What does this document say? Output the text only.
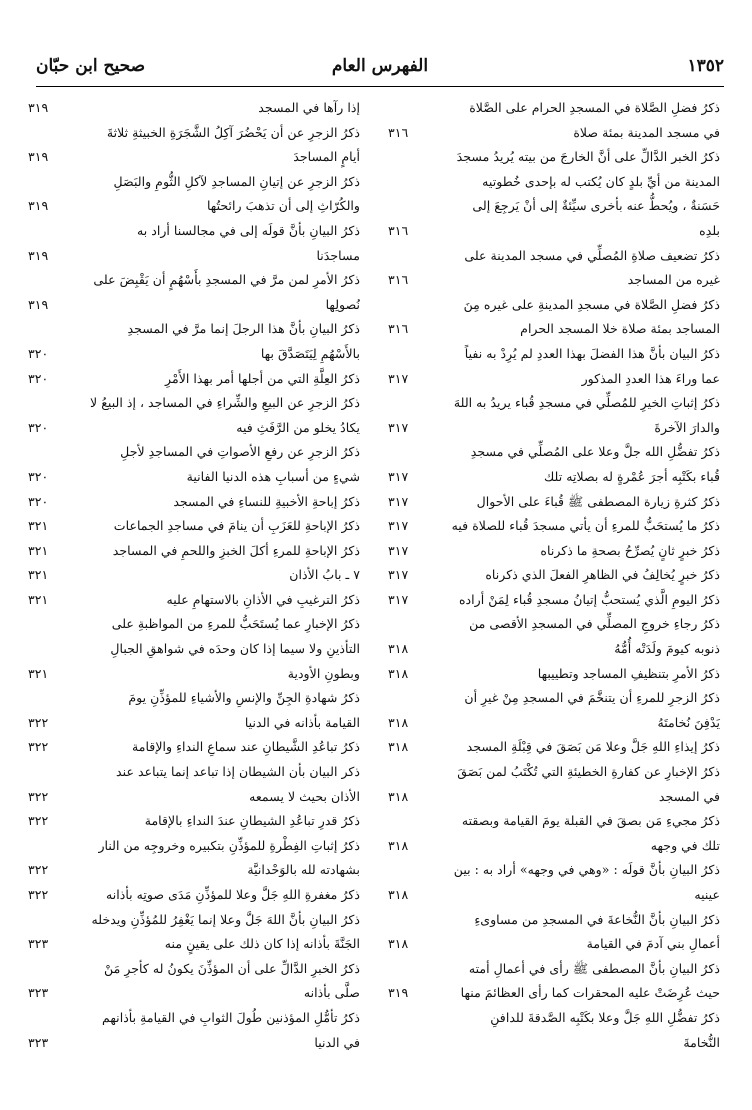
١٣٥٢
الفهرس العام
صحيح ابن حبّان
ذكرُ فضلِ الصَّلاة في المسجدِ الحرام على الصَّلاة في مسجد المدينة بمئة صلاة
٣١٦
ذكرُ الخبر الدَّالِّ على أنَّ الخارجَ من بيته يُريدُ مسجدَ المدينة من أيِّ بلدٍ كان يُكتب له بإحدى خُطوتيه حَسَنةٌ ، ويُحطُّ عنه بأخرى سيِّئةٌ إلى أنْ يَرجِعَ إلى بلدِه
٣١٦
ذكرُ تضعيف صلاةِ المُصلِّي في مسجد المدينة على غيره من المساجد
٣١٦
ذكرُ فضلِ الصَّلاة في مسجدِ المدينةِ على غيره مِنَ المساجد بمئة صلاة خلا المسجد الحرام
٣١٦
ذكرُ البيان بأنَّ هذا الفضلَ بهذا العددِ لم يُرِدْ به نفياً عما وراءَ هذا العددِ المذكور
٣١٧
ذكرُ إثباتِ الخيرِ للمُصلِّي في مسجدِ قُباء يريدُ به اللهَ والدارَ الآخرةَ
٣١٧
ذكرُ تفضُّلِ الله جلَّ وعلا على المُصلِّي في مسجدِ قُباء بكَتْبِه أجرَ عُمْرةٍ له بصلاتِه تلك
٣١٧
ذكرُ كثرةِ زيارة المصطفى ﷺ قُباءَ على الأحوال
٣١٧
ذكرُ ما يُستحَبُّ للمرءِ أن يأتي مسجدَ قُباء للصلاة فيه
٣١٧
ذكرُ خبرٍ ثانٍ يُصرِّحُ بصحةِ ما ذكرناه
٣١٧
ذكرُ خبرٍ يُخالِفُ في الظاهرِ الفعلَ الذي ذكرناه
٣١٧
ذكرُ اليومِ الَّذي يُستحبُّ إتيانُ مسجدِ قُباء لِمَنْ أراده
٣١٧
ذكرُ رجاءِ خروجِ المصلِّي في المسجدِ الأقصى من ذنوبه كيومَ ولَدَتْه أُمُّهُ
٣١٨
ذكرُ الأمرِ بتنظيفِ المساجد وتطييبها
٣١٨
ذكرُ الزجرِ للمرءِ أن يتنخَّمَ في المسجدِ مِنْ غيرِ أن يَدْفِنَ نُخامتَهُ
٣١٨
ذكرُ إيذاءِ اللهِ جَلَّ وعلا مَن بَصَقَ في قِبْلَةِ المسجد
٣١٨
ذكرُ الإخبارِ عن كفارةِ الخطيئةِ التي تُكْتَبُ لمن بَصَقَ في المسجد
٣١٨
ذكرُ مجيءِ مَن بصقَ في القبلة يومَ القيامة وبصقته تلك في وجهه
٣١٨
ذكرُ البيانِ بأنَّ قولَه : «وهي في وجهه» أراد به : بين عينيه
٣١٨
ذكرُ البيانِ بأنَّ النُّخاعةَ في المسجدِ من مساوىءِ أعمالِ بني آدمَ في القيامة
٣١٨
ذكرُ البيانِ بأنَّ المصطفى ﷺ رأى في أعمالِ أمته حيث عُرِضَتْ عليه المحقرات كما رأى العظائمَ منها
٣١٩
ذكرُ تفضُّلِ اللهِ جَلَّ وعلا بكَتْبِه الصَّدقةَ للدافنِ النُّخامةَ
إذا رآها في المسجد
٣١٩
ذكرُ الزجرِ عن أن يَحْضُرَ آكِلُ الشَّجَرَةِ الخبيثةِ ثلاثةَ أيامٍ المساجدَ
٣١٩
ذكرُ الزجرِ عن إتيانِ المساجدِ لآكلِ الثُّومِ والبَصَلِ والكُرّاثِ إلى أن تذهبَ رائحتُها
٣١٩
ذكرُ البيانِ بأنَّ قولَه إلى في مجالسنا أراد به مساجدَنا
٣١٩
ذكرُ الأمرِ لمن مرَّ في المسجدِ بأَسْهُمٍ أن يَقْبِضَ على نُصولِها
٣١٩
ذكرُ البيانِ بأنَّ هذا الرجلَ إنما مرَّ في المسجدِ بالأَسْهُمِ لِيَتَصَدَّقَ بها
٣٢٠
ذكرُ العِلَّةِ التي من أجلها أمر بهذا الأَمْرِ
٣٢٠
ذكرُ الزجرِ عن البيعِ والشِّراءِ في المساجد ، إذ البيعُ لا يكادُ يخلو من الرَّفَثِ فيه
٣٢٠
ذكرُ الزجرِ عن رفعِ الأصواتِ في المساجدِ لأجلِ شيءٍ من أسبابِ هذه الدنيا الفانية
٣٢٠
ذكرُ إباحةِ الأخبيةِ للنساءِ في المسجد
٣٢٠
ذكرُ الإباحةِ للعَزَبِ أن ينامَ في مساجدِ الجماعات
٣٢١
ذكرُ الإباحةِ للمرءِ أكلَ الخبزِ واللحمِ في المساجد
٣٢١
٧ ـ بابُ الأذان
٣٢١
ذكرُ الترغيبِ في الأذانِ بالاستهامِ عليه
٣٢١
ذكرُ الإخبارِ عما يُستَحَبُّ للمرءِ من المواظبةِ على التأذينِ ولا سيما إذا كان وحدَه في شواهقِ الجبالِ وبطونِ الأودية
٣٢١
ذكرُ شهادةِ الجِنِّ والإنسِ والأشياءِ للمؤذِّنِ يومَ القيامة بأذانه في الدنيا
٣٢٢
ذكرُ تباعُدِ الشَّيطانِ عند سماعِ النداءِ والإقامة
٣٢٢
ذكر البيان بأن الشيطان إذا تباعد إنما يتباعد عند الأذان بحيث لا يسمعه
٣٢٢
ذكرُ قدرِ تباعُدِ الشيطانِ عندَ النداءِ بالإقامة
٣٢٢
ذكرُ إثباتِ الفِطْرةِ للمؤذِّنِ بتكبيره وخروجِه من النار بشهادته لله بالوَحْدانيَّة
٣٢٢
ذكرُ مغفرةِ اللهِ جَلَّ وعلا للمؤذِّنِ مَدَى صوتِه بأذانه
٣٢٢
ذكرُ البيانِ بأنَّ اللهَ جَلَّ وعلا إنما يَغْفِرُ للمُؤذِّنِ ويدخله الجَنَّةَ بأذانه إذا كان ذلك على يقينٍ منه
٣٢٣
ذكرُ الخبرِ الدَّالِّ على أن المؤذِّنَ يكونُ له كأجرِ مَنْ صلَّى بأذانه
٣٢٣
ذكرُ تأمُّلِ المؤذنين طُولَ الثوابِ في القيامةِ بأذانهم في الدنيا
٣٢٣
